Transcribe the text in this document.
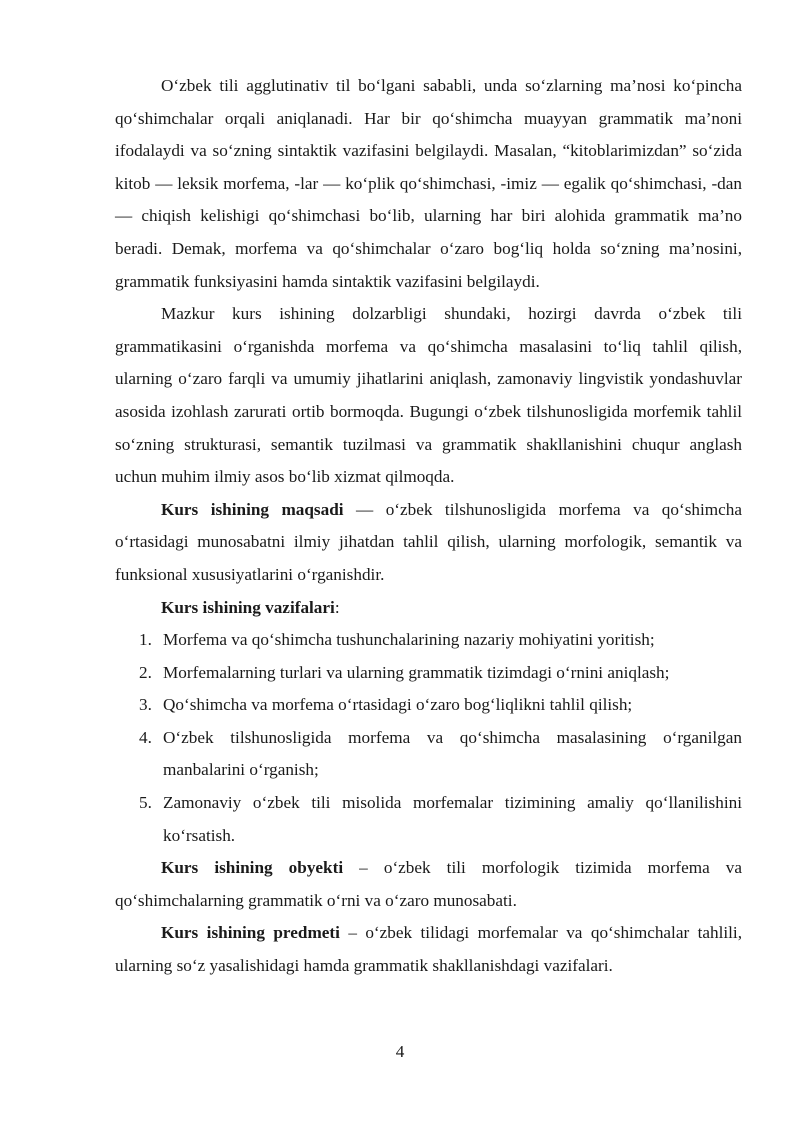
O‘zbek tili agglutinativ til bo‘lgani sababli, unda so‘zlarning ma’nosi ko‘pincha qo‘shimchalar orqali aniqlanadi. Har bir qo‘shimcha muayyan grammatik ma’noni ifodalaydi va so‘zning sintaktik vazifasini belgilaydi. Masalan, “kitoblarimizdan” so‘zida kitob — leksik morfema, -lar — ko‘plik qo‘shimchasi, -imiz — egalik qo‘shimchasi, -dan — chiqish kelishigi qo‘shimchasi bo‘lib, ularning har biri alohida grammatik ma’no beradi. Demak, morfema va qo‘shimchalar o‘zaro bog‘liq holda so‘zning ma’nosini, grammatik funksiyasini hamda sintaktik vazifasini belgilaydi.

Mazkur kurs ishining dolzarbligi shundaki, hozirgi davrda o‘zbek tili grammatikasini o‘rganishda morfema va qo‘shimcha masalasini to‘liq tahlil qilish, ularning o‘zaro farqli va umumiy jihatlarini aniqlash, zamonaviy lingvistik yondashuvlar asosida izohlash zarurati ortib bormoqda. Bugungi o‘zbek tilshunosligida morfemik tahlil so‘zning strukturasi, semantik tuzilmasi va grammatik shakllanishini chuqur anglash uchun muhim ilmiy asos bo‘lib xizmat qilmoqda.

Kurs ishining maqsadi — o‘zbek tilshunosligida morfema va qo‘shimcha o‘rtasidagi munosabatni ilmiy jihatdan tahlil qilish, ularning morfologik, semantik va funksional xususiyatlarini o‘rganishdir.

Kurs ishining vazifalari:

1. Morfema va qo‘shimcha tushunchalarining nazariy mohiyatini yoritish;
2. Morfemalarning turlari va ularning grammatik tizimdagi o‘rnini aniqlash;
3. Qo‘shimcha va morfema o‘rtasidagi o‘zaro bog‘liqlikni tahlil qilish;
4. O‘zbek tilshunosligida morfema va qo‘shimcha masalasining o‘rganilgan manbalarini o‘rganish;
5. Zamonaviy o‘zbek tili misolida morfemalar tizimining amaliy qo‘llanilishini ko‘rsatish.

Kurs ishining obyekti – o‘zbek tili morfologik tizimida morfema va qo‘shimchalarning grammatik o‘rni va o‘zaro munosabati.

Kurs ishining predmeti – o‘zbek tilidagi morfemalar va qo‘shimchalar tahlili, ularning so‘z yasalishidagi hamda grammatik shakllanishdagi vazifalari.

4
